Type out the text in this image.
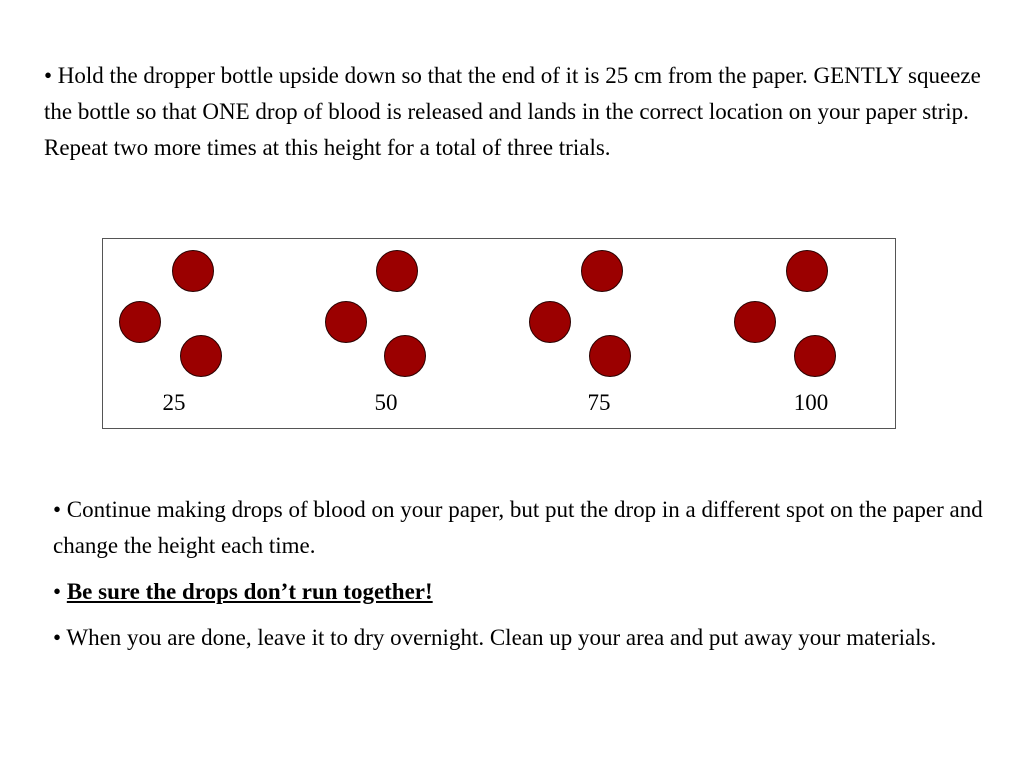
• Hold the dropper bottle upside down so that the end of it is 25 cm from the paper. GENTLY squeeze the bottle so that ONE drop of blood is released and lands in the correct location on your paper strip. Repeat two more times at this height for a total of three trials.

25	50	75	100

• Continue making drops of blood on your paper, but put the drop in a different spot on the paper and change the height each time.

• Be sure the drops don’t run together!

• When you are done, leave it to dry overnight. Clean up your area and put away your materials.
